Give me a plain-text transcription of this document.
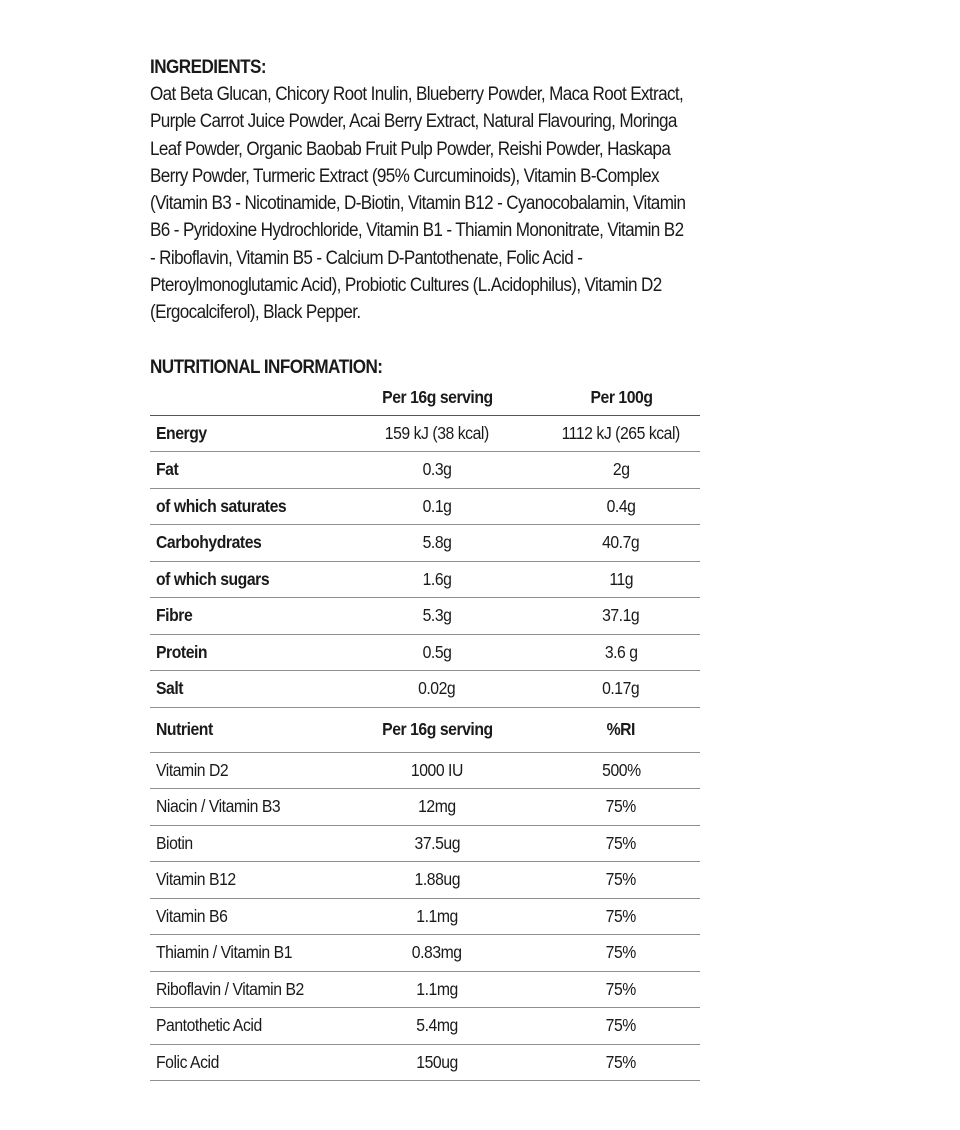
INGREDIENTS:
Oat Beta Glucan, Chicory Root Inulin, Blueberry Powder, Maca Root Extract, Purple Carrot Juice Powder, Acai Berry Extract, Natural Flavouring, Moringa Leaf Powder, Organic Baobab Fruit Pulp Powder, Reishi Powder, Haskapa Berry Powder, Turmeric Extract (95% Curcuminoids), Vitamin B-Complex (Vitamin B3 - Nicotinamide, D-Biotin, Vitamin B12 - Cyanocobalamin, Vitamin B6 - Pyridoxine Hydrochloride, Vitamin B1 - Thiamin Mononitrate, Vitamin B2 - Riboflavin, Vitamin B5 - Calcium D-Pantothenate, Folic Acid - Pteroylmonoglutamic Acid), Probiotic Cultures (L.Acidophilus), Vitamin D2 (Ergocalciferol), Black Pepper.
NUTRITIONAL INFORMATION:
	Per 16g serving	Per 100g
Energy	159 kJ (38 kcal)	1112 kJ (265 kcal)
Fat	0.3g	2g
of which saturates	0.1g	0.4g
Carbohydrates	5.8g	40.7g
of which sugars	1.6g	11g
Fibre	5.3g	37.1g
Protein	0.5g	3.6 g
Salt	0.02g	0.17g
Nutrient	Per 16g serving	%RI
Vitamin D2	1000 IU	500%
Niacin / Vitamin B3	12mg	75%
Biotin	37.5ug	75%
Vitamin B12	1.88ug	75%
Vitamin B6	1.1mg	75%
Thiamin / Vitamin B1	0.83mg	75%
Riboflavin / Vitamin B2	1.1mg	75%
Pantothetic Acid	5.4mg	75%
Folic Acid	150ug	75%
